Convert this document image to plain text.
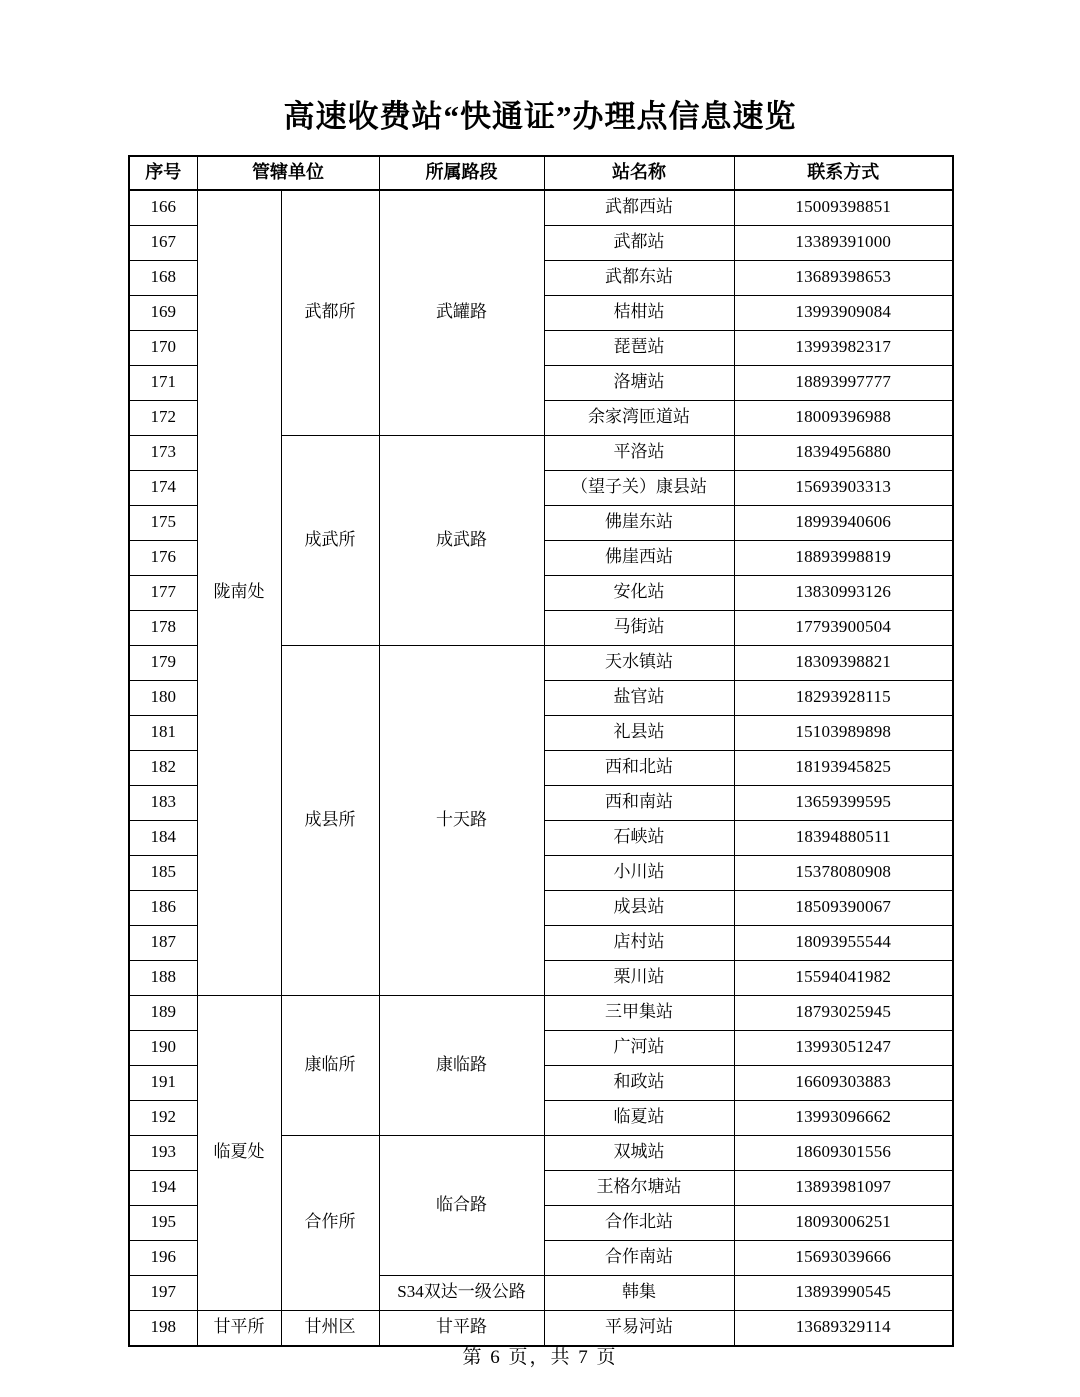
高速收费站“快通证”办理点信息速览
序号	管辖单位		所属路段	站名称	联系方式
166	陇南处	武都所	武罐路	武都西站	15009398851
167				武都站	13389391000
168				武都东站	13689398653
169				桔柑站	13993909084
170				琵琶站	13993982317
171				洛塘站	18893997777
172				余家湾匝道站	18009396988
173		成武所	成武路	平洛站	18394956880
174				（望子关）康县站	15693903313
175				佛崖东站	18993940606
176				佛崖西站	18893998819
177				安化站	13830993126
178				马街站	17793900504
179		成县所	十天路	天水镇站	18309398821
180				盐官站	18293928115
181				礼县站	15103989898
182				西和北站	18193945825
183				西和南站	13659399595
184				石峡站	18394880511
185				小川站	15378080908
186				成县站	18509390067
187				店村站	18093955544
188				栗川站	15594041982
189	临夏处	康临所	康临路	三甲集站	18793025945
190				广河站	13993051247
191				和政站	16609303883
192				临夏站	13993096662
193		合作所	临合路	双城站	18609301556
194				王格尔塘站	13893981097
195				合作北站	18093006251
196				合作南站	15693039666
197			S34双达一级公路	韩集	13893990545
198	甘平所	甘州区	甘平路	平易河站	13689329114
第 6 页，共 7 页
